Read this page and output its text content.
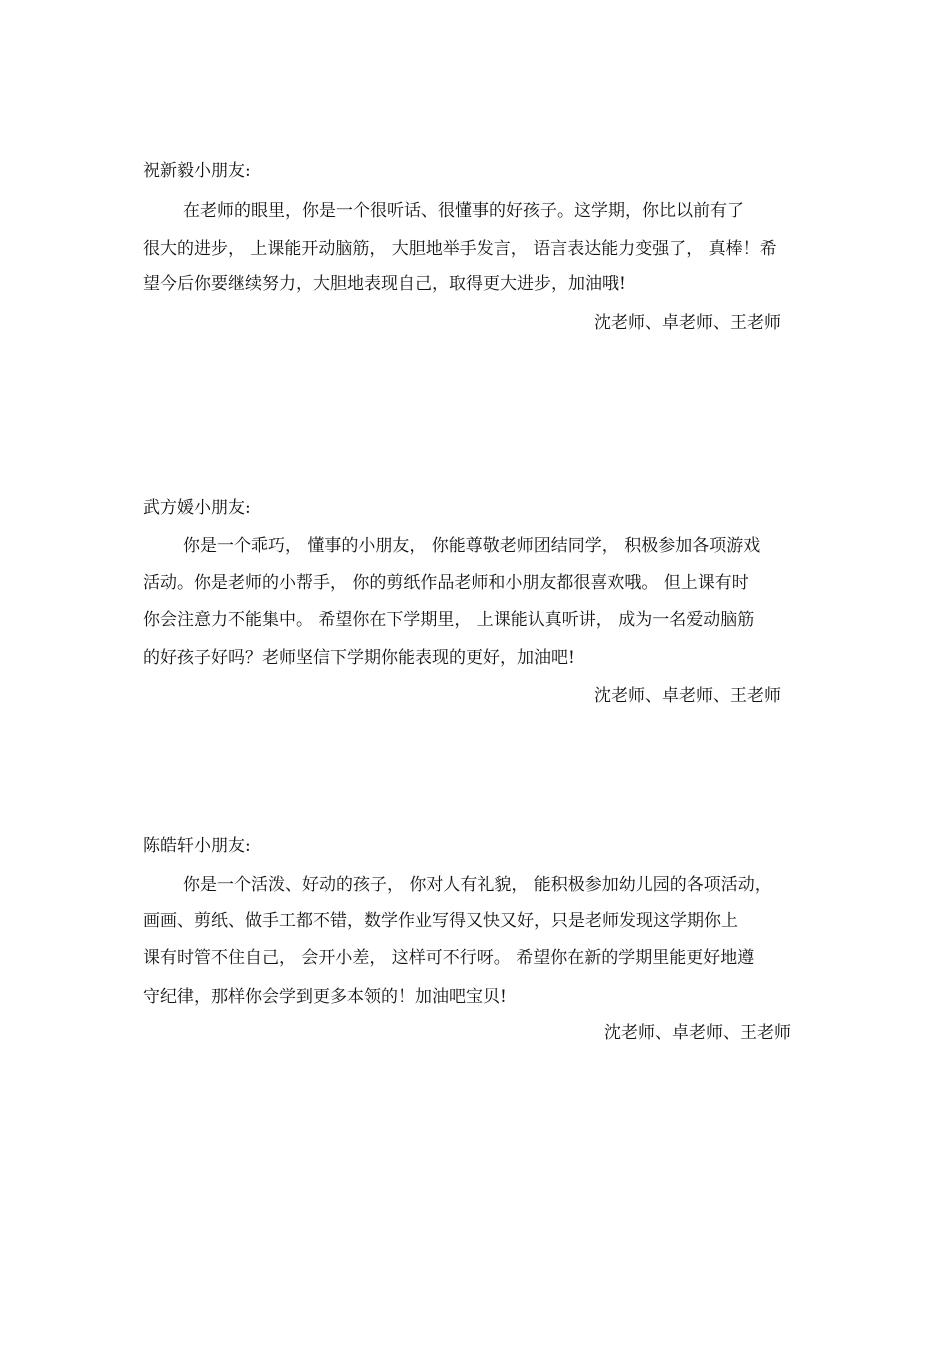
祝新毅小朋友:
在老师的眼里，你是一个很听话、很懂事的好孩子。这学期，你比以前有了
很大的进步， 上课能开动脑筋， 大胆地举手发言， 语言表达能力变强了， 真棒！希
望今后你要继续努力，大胆地表现自己，取得更大进步，加油哦!
沈老师、卓老师、王老师
武方媛小朋友:
你是一个乖巧， 懂事的小朋友， 你能尊敬老师团结同学， 积极参加各项游戏
活动。你是老师的小帮手， 你的剪纸作品老师和小朋友都很喜欢哦。 但上课有时
你会注意力不能集中。 希望你在下学期里， 上课能认真听讲， 成为一名爱动脑筋
的好孩子好吗？老师坚信下学期你能表现的更好，加油吧!
沈老师、卓老师、王老师
陈皓轩小朋友:
你是一个活泼、好动的孩子， 你对人有礼貌， 能积极参加幼儿园的各项活动，
画画、剪纸、做手工都不错，数学作业写得又快又好，只是老师发现这学期你上
课有时管不住自己， 会开小差， 这样可不行呀。 希望你在新的学期里能更好地遵
守纪律，那样你会学到更多本领的！加油吧宝贝!
沈老师、卓老师、王老师
